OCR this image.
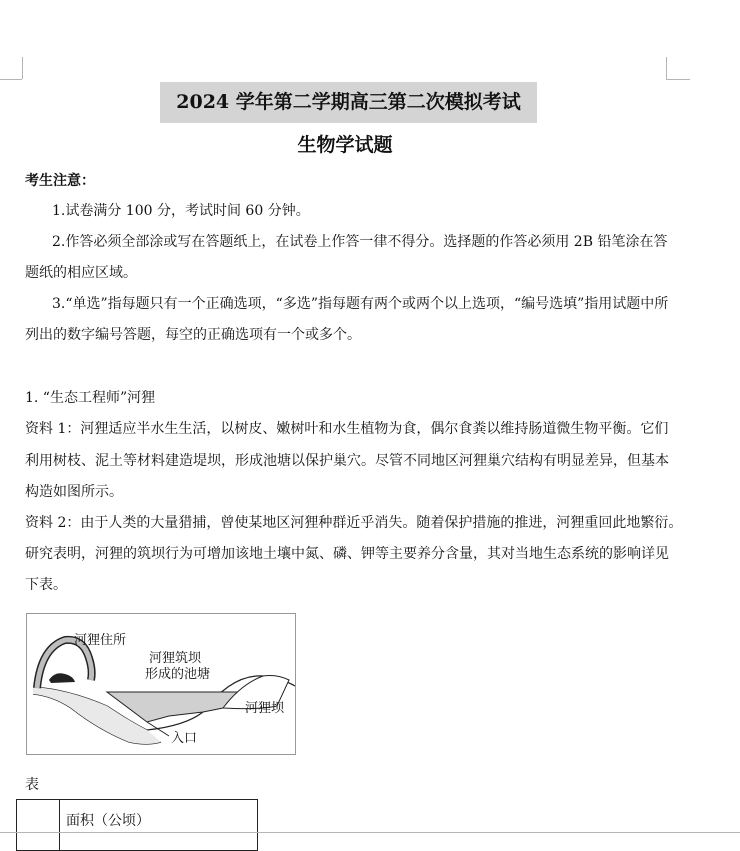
2024 学年第二学期高三第二次模拟考试
生物学试题
考生注意：
1.试卷满分 100 分，考试时间 60 分钟。
2.作答必须全部涂或写在答题纸上，在试卷上作答一律不得分。选择题的作答必须用 2B 铅笔涂在答
题纸的相应区域。
3.“单选”指每题只有一个正确选项，“多选”指每题有两个或两个以上选项，“编号选填”指用试题中所
列出的数字编号答题，每空的正确选项有一个或多个。
1. “生态工程师”河狸
资料 1：河狸适应半水生生活，以树皮、嫩树叶和水生植物为食，偶尔食粪以维持肠道微生物平衡。它们
利用树枝、泥土等材料建造堤坝，形成池塘以保护巢穴。尽管不同地区河狸巢穴结构有明显差异，但基本
构造如图所示。
资料 2：由于人类的大量猎捕，曾使某地区河狸种群近乎消失。随着保护措施的推进，河狸重回此地繁衍。
研究表明，河狸的筑坝行为可增加该地土壤中氮、磷、钾等主要养分含量，其对当地生态系统的影响详见
下表。
河狸住所
河狸筑坝
形成的池塘
河狸坝
入口
表
	面积（公顷）
